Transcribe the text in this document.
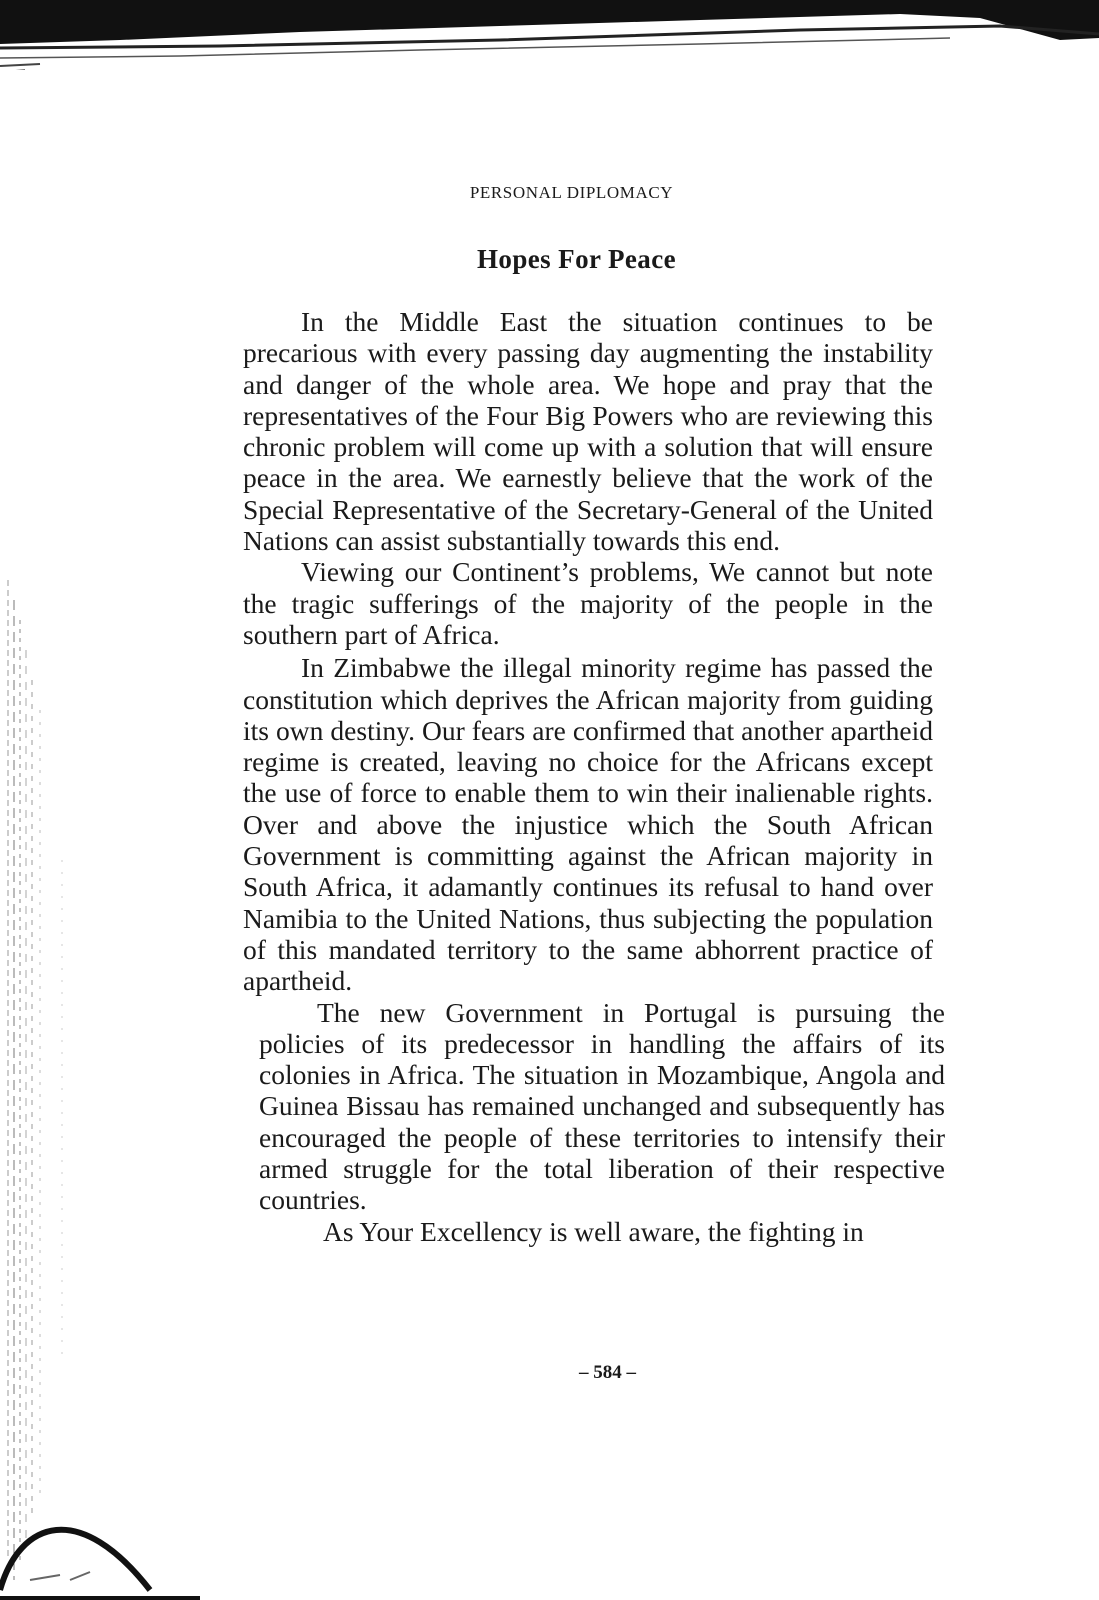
PERSONAL DIPLOMACY
Hopes For Peace

In the Middle East the situation continues to be precarious with every passing day augmenting the instability and danger of the whole area. We hope and pray that the representatives of the Four Big Powers who are reviewing this chronic problem will come up with a solution that will ensure peace in the area. We earnestly believe that the work of the Special Representative of the Secretary-General of the United Nations can assist substantially towards this end.

Viewing our Continent’s problems, We cannot but note the tragic sufferings of the majority of the people in the southern part of Africa.

In Zimbabwe the illegal minority regime has passed the constitution which deprives the African majority from guiding its own destiny. Our fears are confirmed that another apartheid regime is created, leaving no choice for the Africans except the use of force to enable them to win their inalienable rights. Over and above the injustice which the South African Government is committing against the African majority in South Africa, it adamantly continues its refusal to hand over Namibia to the United Nations, thus subjecting the population of this mandated territory to the same abhorrent practice of apartheid.

The new Government in Portugal is pursuing the policies of its predecessor in handling the affairs of its colonies in Africa. The situation in Mozambique, Angola and Guinea Bissau has remained unchanged and subsequently has encouraged the people of these territories to intensify their armed struggle for the total liberation of their respective countries.

As Your Excellency is well aware, the fighting in

– 584 –
